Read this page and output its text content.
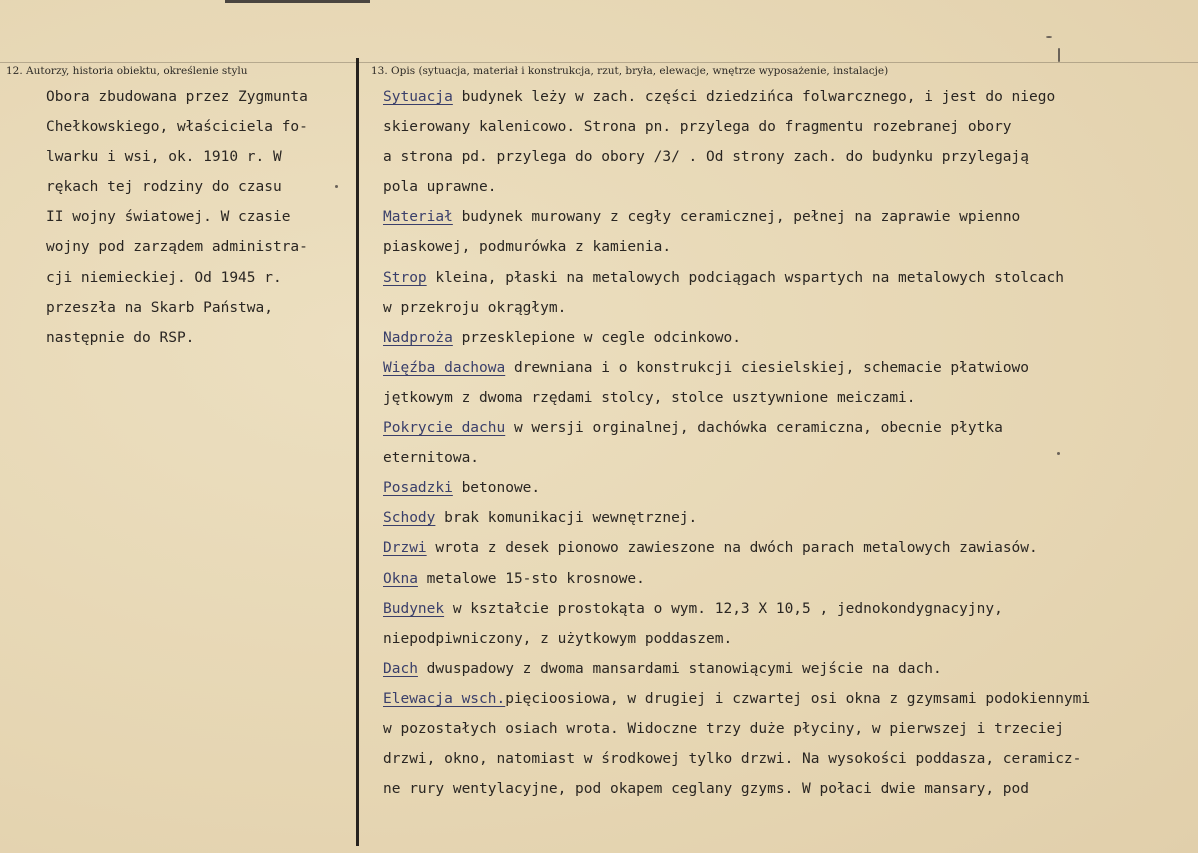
12. Autorzy, historia obiektu, określenie stylu	13. Opis (sytuacja, materiał i konstrukcja, rzut, bryła, elewacje, wnętrze wyposażenie, instalacje)
Obora zbudowana przez Zygmunta
Chełkowskiego, właściciela fo-
lwarku i wsi, ok. 1910 r. W
rękach tej rodziny do czasu
II wojny światowej. W czasie
wojny pod zarządem administra-
cji niemieckiej. Od 1945 r.
przeszła na Skarb Państwa,
następnie do RSP.
Sytuacja budynek leży w zach. części dziedzińca folwarcznego, i jest do niego
skierowany kalenicowo. Strona pn. przylega do fragmentu rozebranej obory
a strona pd. przylega do obory /3/ . Od strony zach. do budynku przylegają
pola uprawne.
Materiał budynek murowany z cegły ceramicznej, pełnej na zaprawie wpienno
piaskowej, podmurówka z kamienia.
Strop kleina, płaski na metalowych podciągach wspartych na metalowych stolcach
w przekroju okrągłym.
Nadproża przesklepione w cegle odcinkowo.
Więźba dachowa drewniana i o konstrukcji ciesielskiej, schemacie płatwiowo
jętkowym z dwoma rzędami stolcy, stolce usztywnione meiczami.
Pokrycie dachu w wersji orginalnej, dachówka ceramiczna, obecnie płytka
eternitowa.
Posadzki betonowe.
Schody brak komunikacji wewnętrznej.
Drzwi wrota z desek pionowo zawieszone na dwóch parach metalowych zawiasów.
Okna metalowe 15-sto krosnowe.
Budynek w kształcie prostokąta o wym. 12,3 X 10,5 , jednokondygnacyjny,
niepodpiwniczony, z użytkowym poddaszem.
Dach dwuspadowy z dwoma mansardami stanowiącymi wejście na dach.
Elewacja wsch.pięcioosiowa, w drugiej i czwartej osi okna z gzymsami podokiennymi
w pozostałych osiach wrota. Widoczne trzy duże płyciny, w pierwszej i trzeciej
drzwi, okno, natomiast w środkowej tylko drzwi. Na wysokości poddasza, ceramicz-
ne rury wentylacyjne, pod okapem ceglany gzyms. W połaci dwie mansary, pod
